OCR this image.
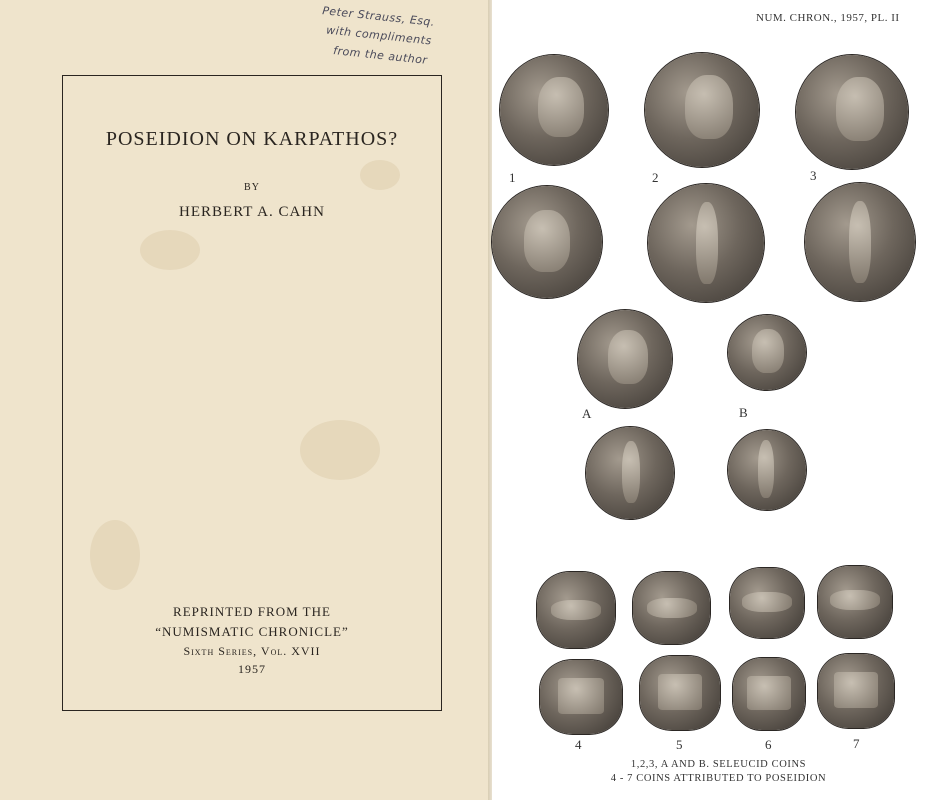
Peter Strauss, Esq.
with compliments
from the author
POSEIDION ON KARPATHOS?
BY
HERBERT A. CAHN
REPRINTED FROM THE
“NUMISMATIC CHRONICLE”
Sixth Series, Vol. XVII
1957
NUM. CHRON., 1957, PL. II
1	2	3
A	B
4	5	6	7
1,2,3, A AND B. SELEUCID COINS
4 - 7 COINS ATTRIBUTED TO POSEIDION
